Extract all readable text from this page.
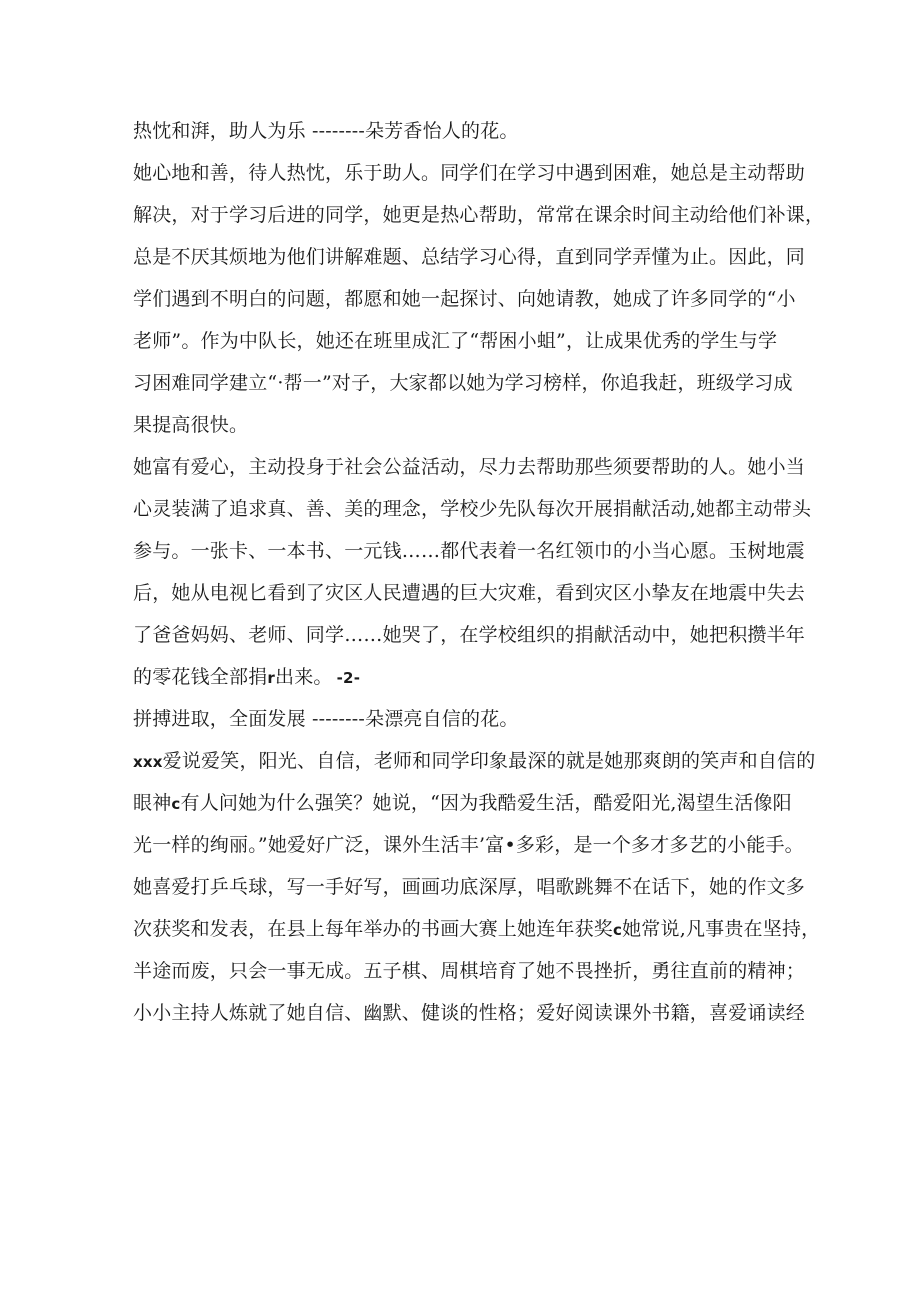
热忱和湃，助人为乐 --------朵芳香怡人的花。
她心地和善，待人热忱，乐于助人。同学们在学习中遇到困难，她总是主动帮助
解决，对于学习后进的同学，她更是热心帮助，常常在课余时间主动给他们补课，
总是不厌其烦地为他们讲解难题、总结学习心得，直到同学弄懂为止。因此，同
学们遇到不明白的问题，都愿和她一起探讨、向她请教，她成了许多同学的“小
老师”。作为中队长，她还在班里成汇了“帮困小蛆”，让成果优秀的学生与学
习困难同学建立“·帮一”对子，大家都以她为学习榜样，你追我赶，班级学习成
果提高很快。
她富有爱心，主动投身于社会公益活动，尽力去帮助那些须要帮助的人。她小当
心灵装满了追求真、善、美的理念，学校少先队每次开展捐献活动,她都主动带头
参与。一张卡、一本书、一元钱……都代表着一名红领巾的小当心愿。玉树地震
后，她从电视匕看到了灾区人民遭遇的巨大灾难，看到灾区小挚友在地震中失去
了爸爸妈妈、老师、同学……她哭了，在学校组织的捐献活动中，她把积攒半年
的零花钱全部捐r出来。 -2-
拼搏进取，全面发展 --------朵漂亮自信的花。
xxx爱说爱笑，阳光、自信，老师和同学印象最深的就是她那爽朗的笑声和自信的
眼神c有人问她为什么强笑？她说，“因为我酷爱生活，酷爱阳光,渴望生活像阳
光一样的绚丽。”她爱好广泛，课外生活丰’富•多彩，是一个多才多艺的小能手。
她喜爱打乒乓球，写一手好写，画画功底深厚，唱歌跳舞不在话下，她的作文多
次获奖和发表，在县上每年举办的书画大赛上她连年获奖c她常说,凡事贵在坚持，
半途而废，只会一事无成。五子棋、周棋培育了她不畏挫折，勇往直前的精神；
小小主持人炼就了她自信、幽默、健谈的性格；爱好阅读课外书籍，喜爱诵读经
